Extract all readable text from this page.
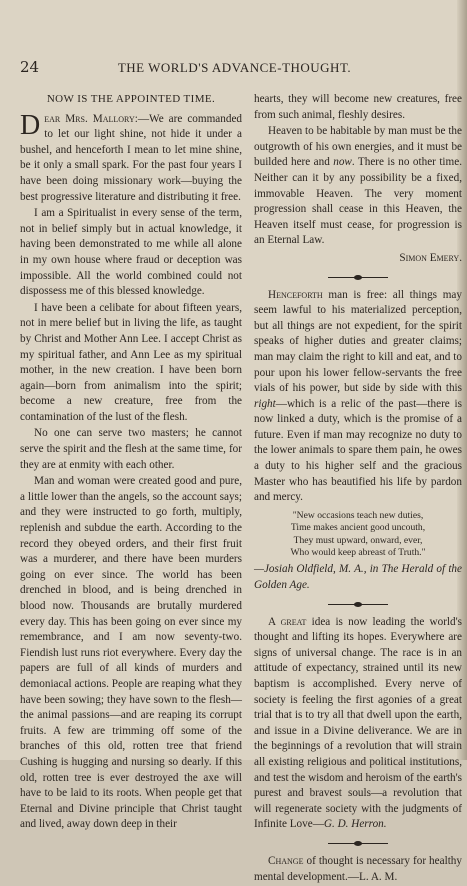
24	THE WORLD'S ADVANCE-THOUGHT.
NOW IS THE APPOINTED TIME.

Dear Mrs. Mallory:—We are commanded to let our light shine, not hide it under a bushel, and henceforth I mean to let mine shine, be it only a small spark. For the past four years I have been doing missionary work—buying the best progressive literature and distributing it free.

I am a Spiritualist in every sense of the term, not in belief simply but in actual knowledge, it having been demonstrated to me while all alone in my own house where fraud or deception was impossible. All the world combined could not dispossess me of this blessed knowledge.

I have been a celibate for about fifteen years, not in mere belief but in living the life, as taught by Christ and Mother Ann Lee. I accept Christ as my spiritual father, and Ann Lee as my spiritual mother, in the new creation. I have been born again—born from animalism into the spirit; become a new creature, free from the contamination of the lust of the flesh.

No one can serve two masters; he cannot serve the spirit and the flesh at the same time, for they are at enmity with each other.

Man and woman were created good and pure, a little lower than the angels, so the account says; and they were instructed to go forth, multiply, replenish and subdue the earth. According to the record they obeyed orders, and their first fruit was a murderer, and there have been murders going on ever since. The world has been drenched in blood, and is being drenched in blood now. Thousands are brutally murdered every day. This has been going on ever since my remembrance, and I am now seventy-two. Fiendish lust runs riot everywhere. Every day the papers are full of all kinds of murders and demoniacal actions. People are reaping what they have been sowing; they have sown to the flesh—the animal passions—and are reaping its corrupt fruits. A few are trimming off some of the branches of this old, rotten tree that friend Cushing is hugging and nursing so dearly. If this old, rotten tree is ever destroyed the axe will have to be laid to its roots. When people get that Eternal and Divine principle that Christ taught and lived, away down deep in their

hearts, they will become new creatures, free from such animal, fleshly desires.

Heaven to be habitable by man must be the outgrowth of his own energies, and it must be builded here and now. There is no other time. Neither can it by any possibility be a fixed, immovable Heaven. The very moment progression shall cease in this Heaven, the Heaven itself must cease, for progression is an Eternal Law.

Simon Emery.

Henceforth man is free: all things may seem lawful to his materialized perception, but all things are not expedient, for the spirit speaks of higher duties and greater claims; man may claim the right to kill and eat, and to pour upon his lower fellow-servants the free vials of his power, but side by side with this right—which is a relic of the past—there is now linked a duty, which is the promise of a future. Even if man may recognize no duty to the lower animals to spare them pain, he owes a duty to his higher self and the gracious Master who has beautified his life by pardon and mercy.

"New occasions teach new duties,
Time makes ancient good uncouth,
They must upward, onward, ever,
Who would keep abreast of Truth."

—Josiah Oldfield, M. A., in The Herald of the Golden Age.

A great idea is now leading the world's thought and lifting its hopes. Everywhere are signs of universal change. The race is in an attitude of expectancy, strained until its new baptism is accomplished. Every nerve of society is feeling the first agonies of a great trial that is to try all that dwell upon the earth, and issue in a Divine deliverance. We are in the beginnings of a revolution that will strain all existing religious and political institutions, and test the wisdom and heroism of the earth's purest and bravest souls—a revolution that will regenerate society with the judgments of Infinite Love—G. D. Herron.

Change of thought is necessary for healthy mental development.—L. A. M.
